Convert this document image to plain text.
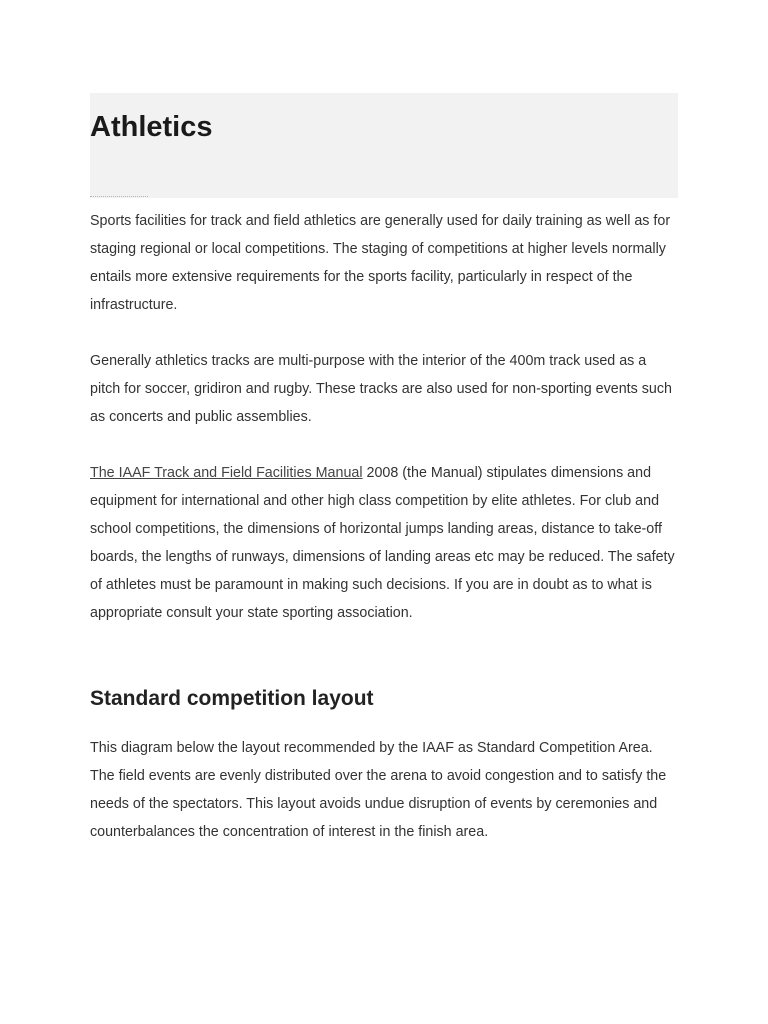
Athletics

Sports facilities for track and field athletics are generally used for daily training as well as for staging regional or local competitions. The staging of competitions at higher levels normally entails more extensive requirements for the sports facility, particularly in respect of the infrastructure.

Generally athletics tracks are multi-purpose with the interior of the 400m track used as a pitch for soccer, gridiron and rugby. These tracks are also used for non-sporting events such as concerts and public assemblies.

The IAAF Track and Field Facilities Manual 2008 (the Manual) stipulates dimensions and equipment for international and other high class competition by elite athletes. For club and school competitions, the dimensions of horizontal jumps landing areas, distance to take-off boards, the lengths of runways, dimensions of landing areas etc may be reduced. The safety of athletes must be paramount in making such decisions. If you are in doubt as to what is appropriate consult your state sporting association.

Standard competition layout

This diagram below the layout recommended by the IAAF as Standard Competition Area. The field events are evenly distributed over the arena to avoid congestion and to satisfy the needs of the spectators. This layout avoids undue disruption of events by ceremonies and counterbalances the concentration of interest in the finish area.
